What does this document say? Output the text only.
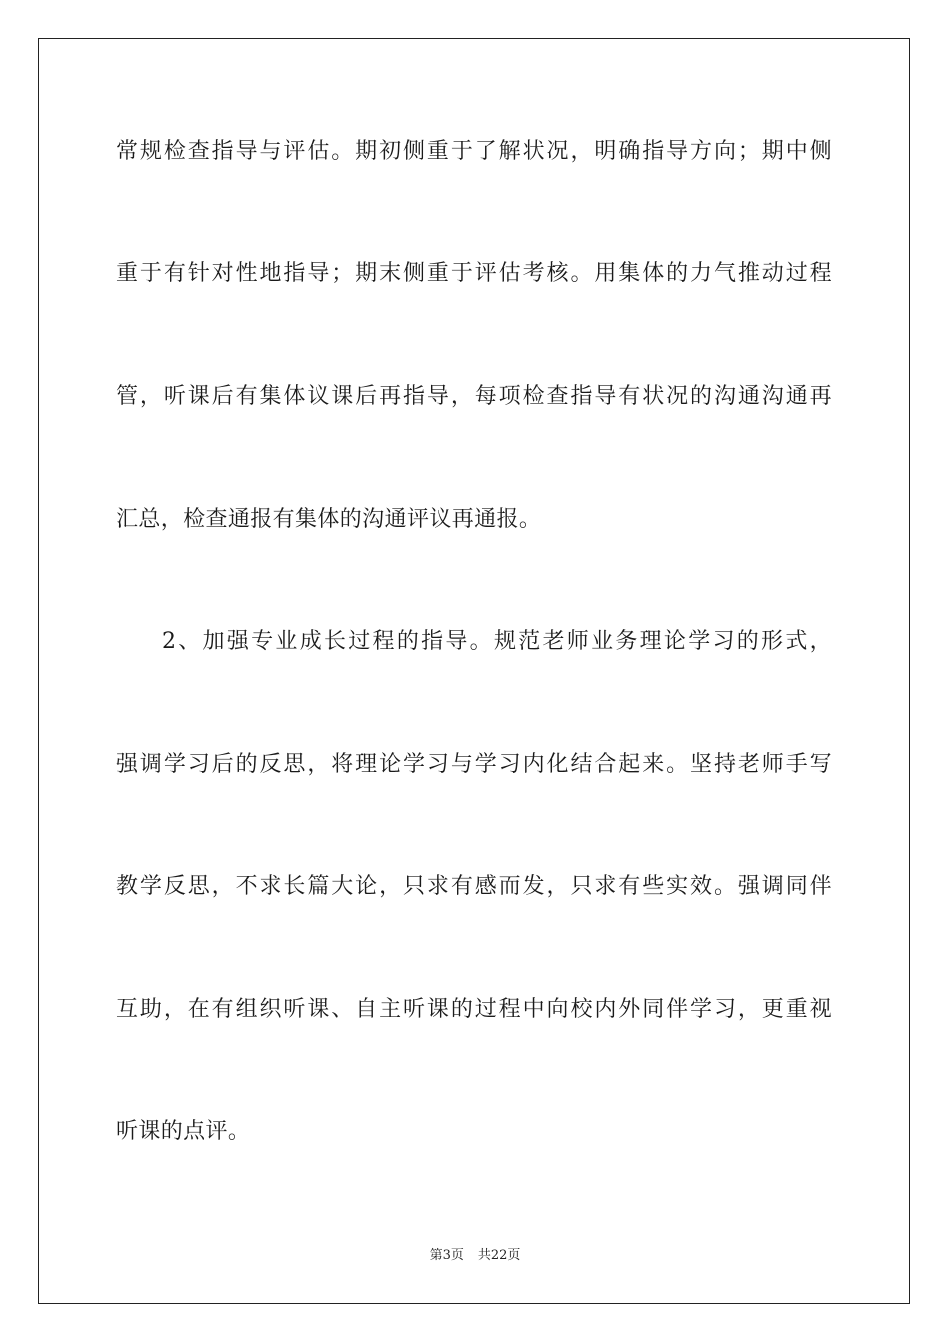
常规检查指导与评估。期初侧重于了解状况，明确指导方向；期中侧
重于有针对性地指导；期末侧重于评估考核。用集体的力气推动过程
管，听课后有集体议课后再指导，每项检查指导有状况的沟通沟通再
汇总，检查通报有集体的沟通评议再通报。
2、加强专业成长过程的指导。规范老师业务理论学习的形式，
强调学习后的反思，将理论学习与学习内化结合起来。坚持老师手写
教学反思，不求长篇大论，只求有感而发，只求有些实效。强调同伴
互助，在有组织听课、自主听课的过程中向校内外同伴学习，更重视
听课的点评。
第3页 共22页
